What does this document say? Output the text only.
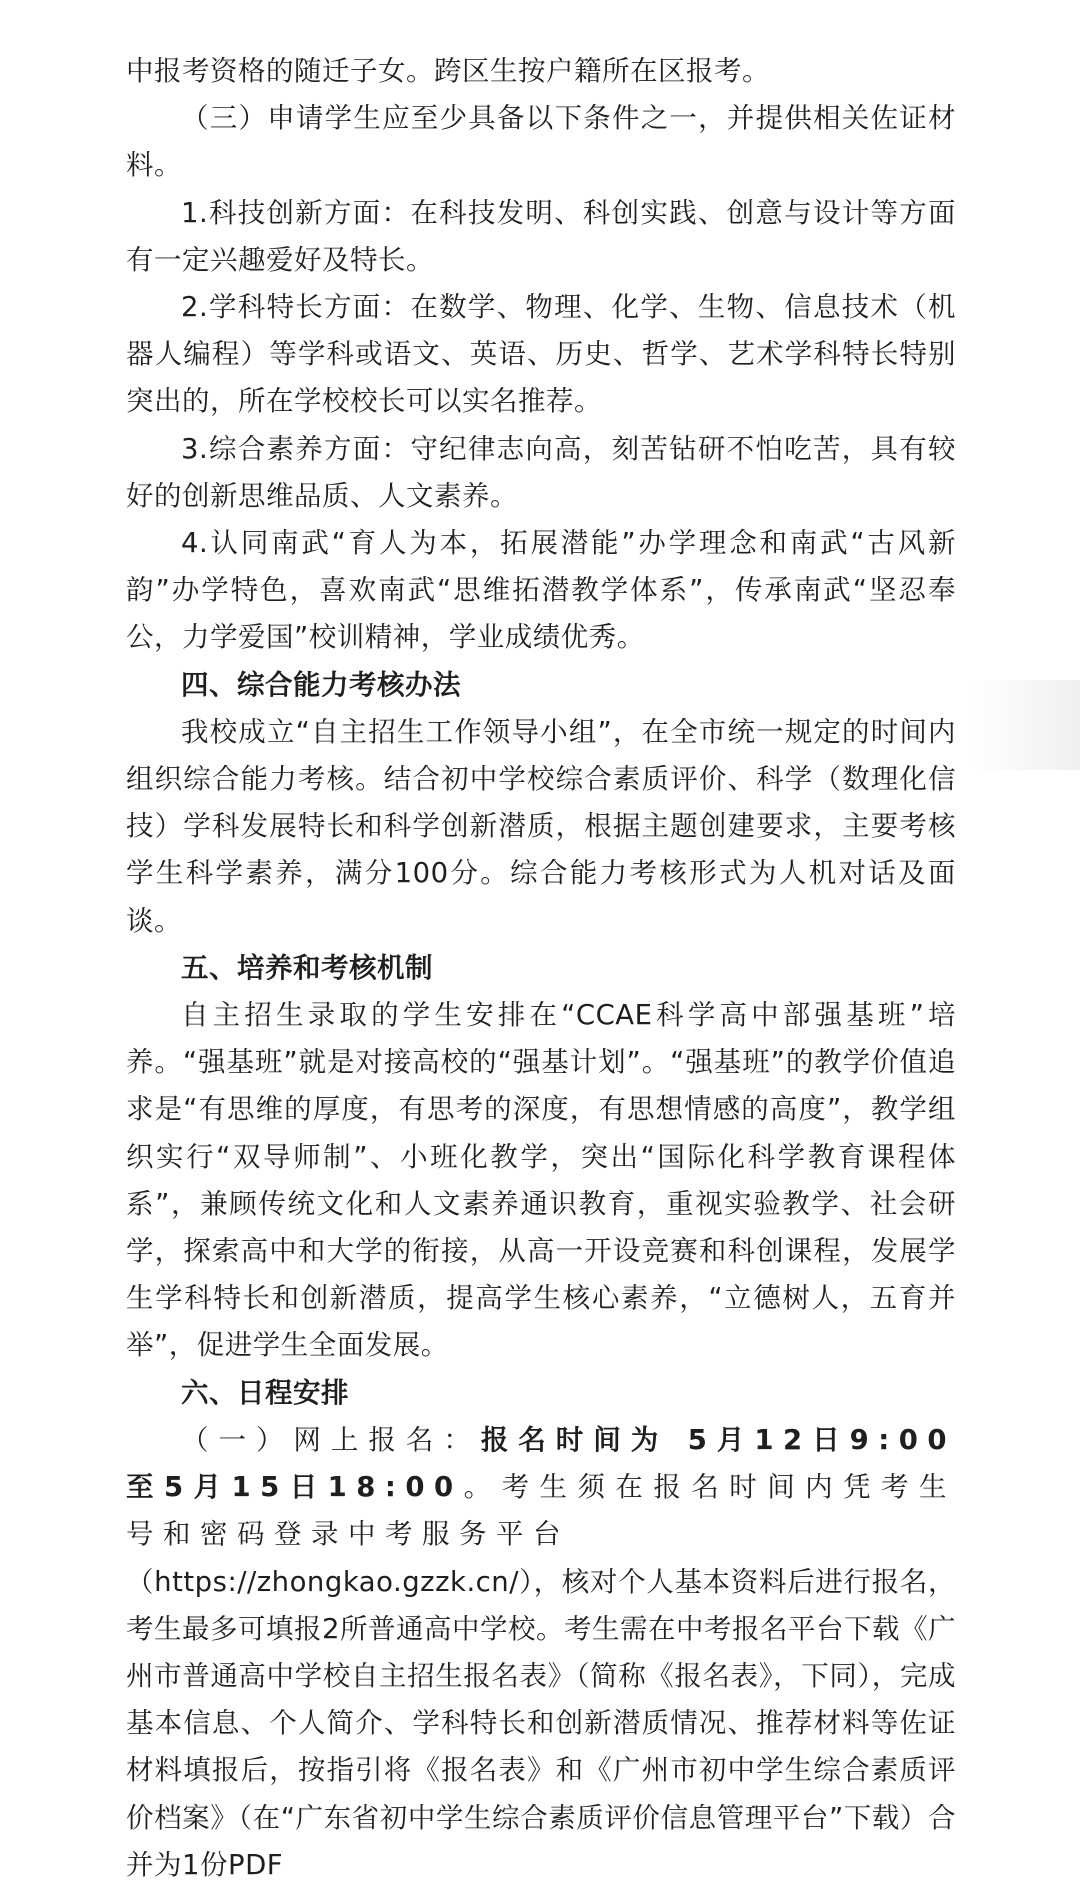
中报考资格的随迁子女。跨区生按户籍所在区报考。

（三）申请学生应至少具备以下条件之一，并提供相关佐证材料。

1.科技创新方面：在科技发明、科创实践、创意与设计等方面有一定兴趣爱好及特长。

2.学科特长方面：在数学、物理、化学、生物、信息技术（机器人编程）等学科或语文、英语、历史、哲学、艺术学科特长特别突出的，所在学校校长可以实名推荐。

3.综合素养方面：守纪律志向高，刻苦钻研不怕吃苦，具有较好的创新思维品质、人文素养。

4.认同南武“育人为本，拓展潜能”办学理念和南武“古风新韵”办学特色，喜欢南武“思维拓潜教学体系”，传承南武“坚忍奉公，力学爱国”校训精神，学业成绩优秀。

四、综合能力考核办法

我校成立“自主招生工作领导小组”，在全市统一规定的时间内组织综合能力考核。结合初中学校综合素质评价、科学（数理化信技）学科发展特长和科学创新潜质，根据主题创建要求，主要考核学生科学素养，满分100分。综合能力考核形式为人机对话及面谈。

五、培养和考核机制

自主招生录取的学生安排在“CCAE科学高中部强基班”培养。“强基班”就是对接高校的“强基计划”。“强基班”的教学价值追求是“有思维的厚度，有思考的深度，有思想情感的高度”，教学组织实行“双导师制”、小班化教学，突出“国际化科学教育课程体系”，兼顾传统文化和人文素养通识教育，重视实验教学、社会研学，探索高中和大学的衔接，从高一开设竞赛和科创课程，发展学生学科特长和创新潜质，提高学生核心素养，“立德树人，五育并举”，促进学生全面发展。

六、日程安排

（一）网上报名：报名时间为 5月12日9:00至5月15日18:00。考生须在报名时间内凭考生号和密码登录中考服务平台

（https://zhongkao.gzzk.cn/），核对个人基本资料后进行报名，考生最多可填报2所普通高中学校。考生需在中考报名平台下载《广州市普通高中学校自主招生报名表》（简称《报名表》，下同），完成基本信息、个人简介、学科特长和创新潜质情况、推荐材料等佐证材料填报后，按指引将《报名表》和《广州市初中学生综合素质评价档案》（在“广东省初中学生综合素质评价信息管理平台”下载）合并为1份PDF
